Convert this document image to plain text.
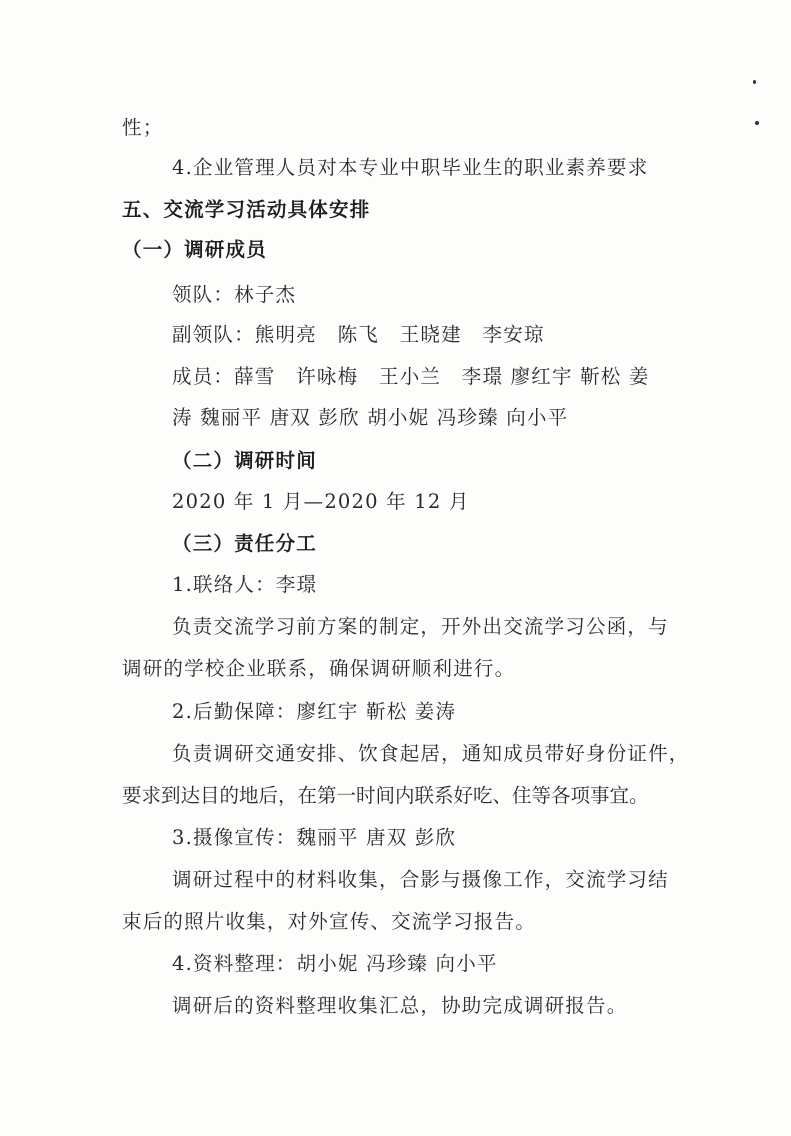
性；
4.企业管理人员对本专业中职毕业生的职业素养要求
五、交流学习活动具体安排
（一）调研成员
领队：林子杰
副领队：熊明亮　陈飞　王晓建　李安琼
成员：薛雪　许咏梅　王小兰　李璟 廖红宇 靳松 姜
涛 魏丽平 唐双 彭欣 胡小妮 冯珍臻 向小平
（二）调研时间
2020 年 1 月—2020 年 12 月
（三）责任分工
1.联络人：李璟
负责交流学习前方案的制定，开外出交流学习公函，与
调研的学校企业联系，确保调研顺利进行。
2.后勤保障：廖红宇 靳松 姜涛
负责调研交通安排、饮食起居，通知成员带好身份证件，
要求到达目的地后，在第一时间内联系好吃、住等各项事宜。
3.摄像宣传：魏丽平 唐双 彭欣
调研过程中的材料收集，合影与摄像工作，交流学习结
束后的照片收集，对外宣传、交流学习报告。
4.资料整理：胡小妮 冯珍臻 向小平
调研后的资料整理收集汇总，协助完成调研报告。
